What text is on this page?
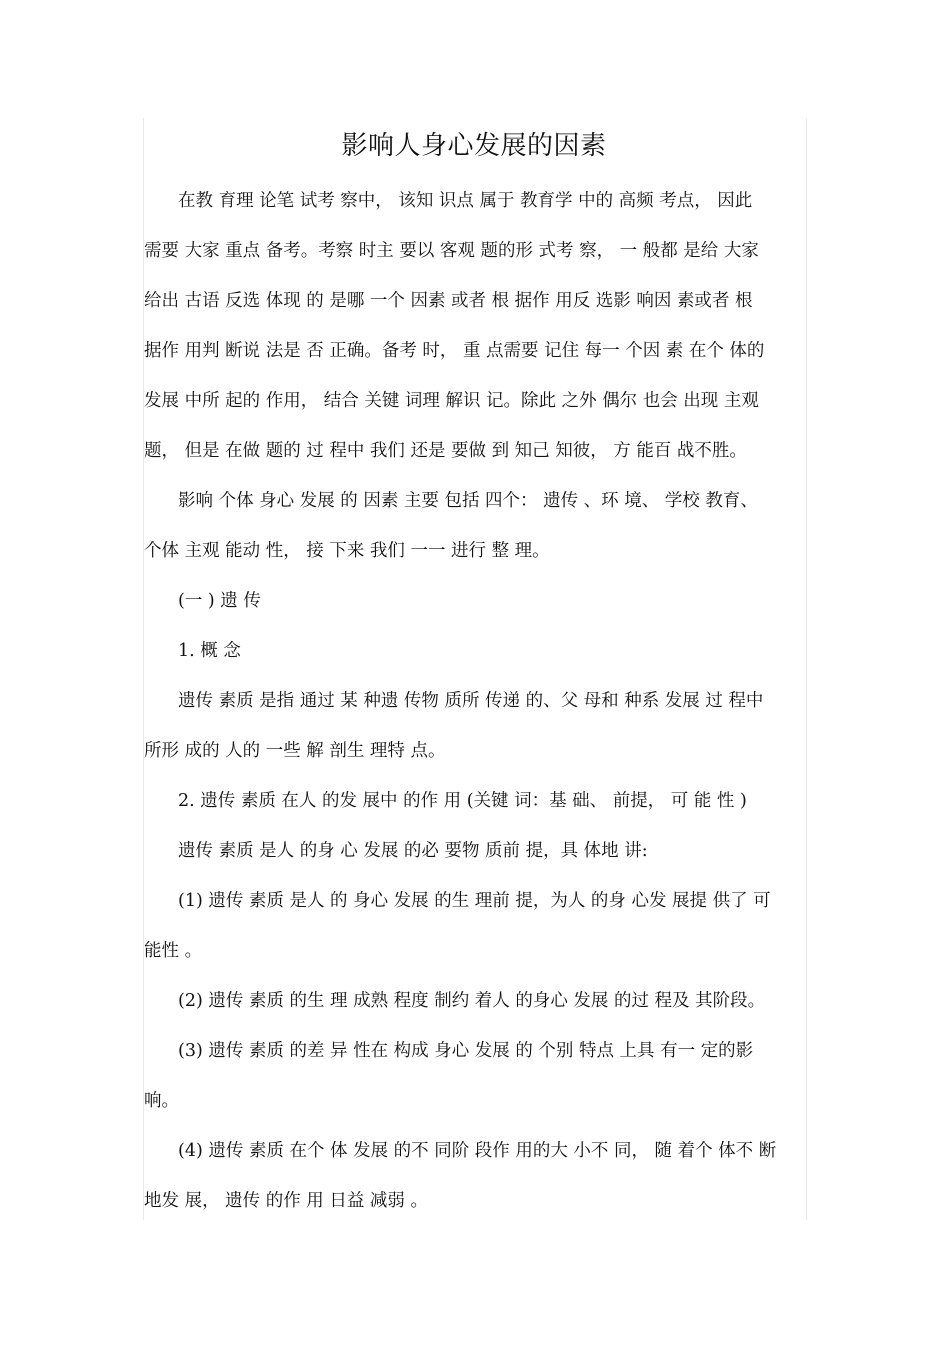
影响人身心发展的因素

在教 育理 论笔 试考 察中， 该知 识点 属于 教育学 中的 高频 考点， 因此
需要 大家 重点 备考。考察 时主 要以 客观 题的形 式考 察， 一 般都 是给 大家
给出 古语 反选 体现 的 是哪 一个 因素 或者 根 据作 用反 选影 响因 素或者 根
据作 用判 断说 法是 否 正确。备考 时， 重 点需要 记住 每一 个因 素 在个 体的
发展 中所 起的 作用， 结合 关键 词理 解识 记。除此 之外 偶尔 也会 出现 主观
题， 但是 在做 题的 过 程中 我们 还是 要做 到 知己 知彼， 方 能百 战不胜。

影响 个体 身心 发展 的 因素 主要 包括 四个： 遗传 、环 境、 学校 教育、
个体 主观 能动 性， 接 下来 我们 一一 进行 整 理。

(一 ) 遗 传

1. 概 念

遗传 素质 是指 通过 某 种遗 传物 质所 传递 的、父 母和 种系 发展 过 程中
所形 成的 人的 一些 解 剖生 理特 点。

2. 遗传 素质 在人 的发 展中 的作 用 (关键 词：基 础、 前提， 可 能 性 )

遗传 素质 是人 的身 心 发展 的必 要物 质前 提，具 体地 讲:

(1) 遗传 素质 是人 的 身心 发展 的生 理前 提，为人 的身 心发 展提 供了 可
能性 。

(2) 遗传 素质 的生 理 成熟 程度 制约 着人 的身心 发展 的过 程及 其阶段。

(3) 遗传 素质 的差 异 性在 构成 身心 发展 的 个别 特点 上具 有一 定的影
响。

(4) 遗传 素质 在个 体 发展 的不 同阶 段作 用的大 小不 同， 随 着个 体不 断
地发 展， 遗传 的作 用 日益 减弱 。
